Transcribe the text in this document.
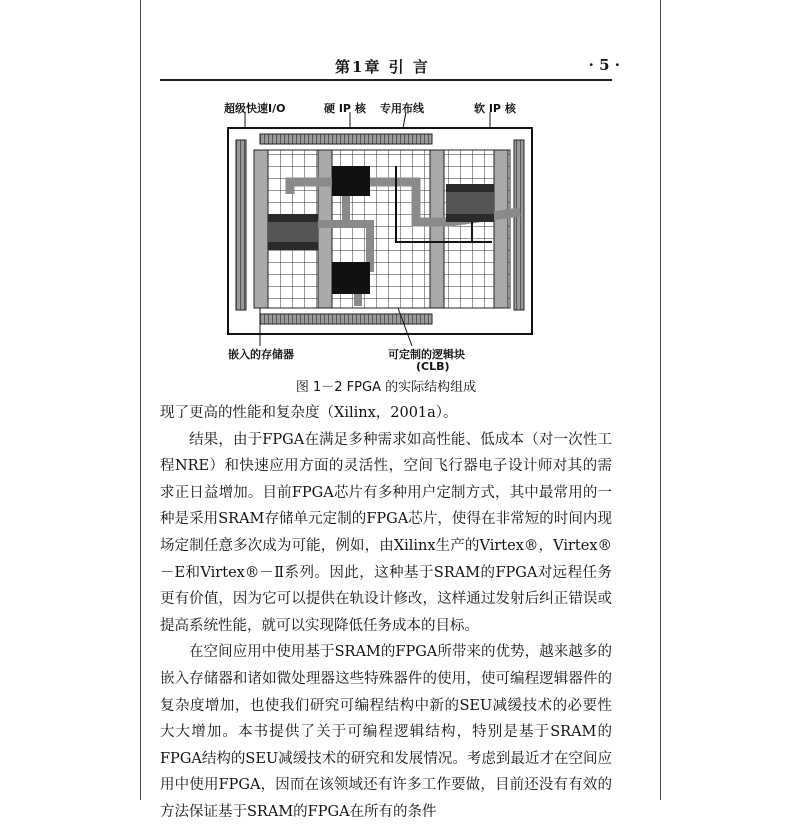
第1章 引 言	· 5 ·
超级快速I/O	硬 IP 核 专用布线	软 IP 核
嵌入的存储器	可定制的逻辑块
(CLB)
图 1－2 FPGA 的实际结构组成

现了更高的性能和复杂度（Xilinx，2001a）。

结果，由于FPGA在满足多种需求如高性能、低成本（对一次性工程NRE）和快速应用方面的灵活性，空间飞行器电子设计师对其的需求正日益增加。目前FPGA芯片有多种用户定制方式，其中最常用的一种是采用SRAM存储单元定制的FPGA芯片，使得在非常短的时间内现场定制任意多次成为可能，例如，由Xilinx生产的Virtex®，Virtex®－E和Virtex®－Ⅱ系列。因此，这种基于SRAM的FPGA对远程任务更有价值，因为它可以提供在轨设计修改，这样通过发射后纠正错误或提高系统性能，就可以实现降低任务成本的目标。

在空间应用中使用基于SRAM的FPGA所带来的优势，越来越多的嵌入存储器和诸如微处理器这些特殊器件的使用，使可编程逻辑器件的复杂度增加，也使我们研究可编程结构中新的SEU减缓技术的必要性大大增加。本书提供了关于可编程逻辑结构，特别是基于SRAM的FPGA结构的SEU减缓技术的研究和发展情况。考虑到最近才在空间应用中使用FPGA，因而在该领域还有许多工作要做，目前还没有有效的方法保证基于SRAM的FPGA在所有的条件
